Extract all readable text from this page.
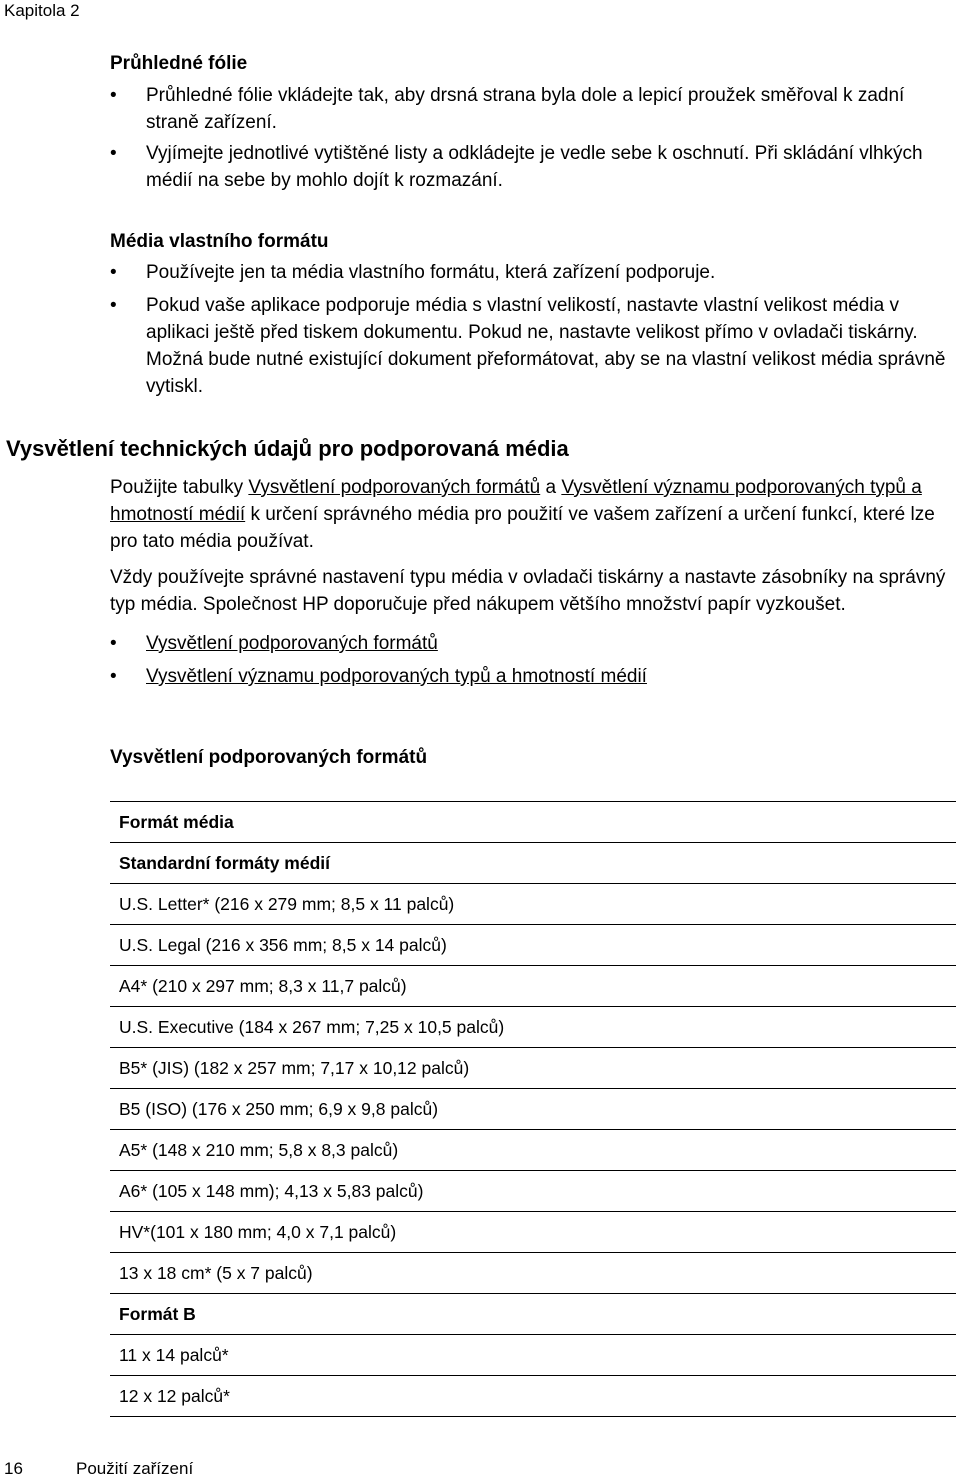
Kapitola 2
Průhledné fólie
• Průhledné fólie vkládejte tak, aby drsná strana byla dole a lepicí proužek směřoval k zadní straně zařízení.
• Vyjímejte jednotlivé vytištěné listy a odkládejte je vedle sebe k oschnutí. Při skládání vlhkých médií na sebe by mohlo dojít k rozmazání.
Média vlastního formátu
• Používejte jen ta média vlastního formátu, která zařízení podporuje.
• Pokud vaše aplikace podporuje média s vlastní velikostí, nastavte vlastní velikost média v aplikaci ještě před tiskem dokumentu. Pokud ne, nastavte velikost přímo v ovladači tiskárny. Možná bude nutné existující dokument přeformátovat, aby se na vlastní velikost média správně vytiskl.
Vysvětlení technických údajů pro podporovaná média

Použijte tabulky Vysvětlení podporovaných formátů a Vysvětlení významu podporovaných typů a hmotností médií k určení správného média pro použití ve vašem zařízení a určení funkcí, které lze pro tato média používat.

Vždy používejte správné nastavení typu média v ovladači tiskárny a nastavte zásobníky na správný typ média. Společnost HP doporučuje před nákupem většího množství papír vyzkoušet.

• Vysvětlení podporovaných formátů
• Vysvětlení významu podporovaných typů a hmotností médií
Vysvětlení podporovaných formátů
Formát média
Standardní formáty médií
U.S. Letter* (216 x 279 mm; 8,5 x 11 palců)
U.S. Legal (216 x 356 mm; 8,5 x 14 palců)
A4* (210 x 297 mm; 8,3 x 11,7 palců)
U.S. Executive (184 x 267 mm; 7,25 x 10,5 palců)
B5* (JIS) (182 x 257 mm; 7,17 x 10,12 palců)
B5 (ISO) (176 x 250 mm; 6,9 x 9,8 palců)
A5* (148 x 210 mm; 5,8 x 8,3 palců)
A6* (105 x 148 mm); 4,13 x 5,83 palců)
HV*(101 x 180 mm; 4,0 x 7,1 palců)
13 x 18 cm* (5 x 7 palců)
Formát B
11 x 14 palců*
12 x 12 palců*
16	Použití zařízení
